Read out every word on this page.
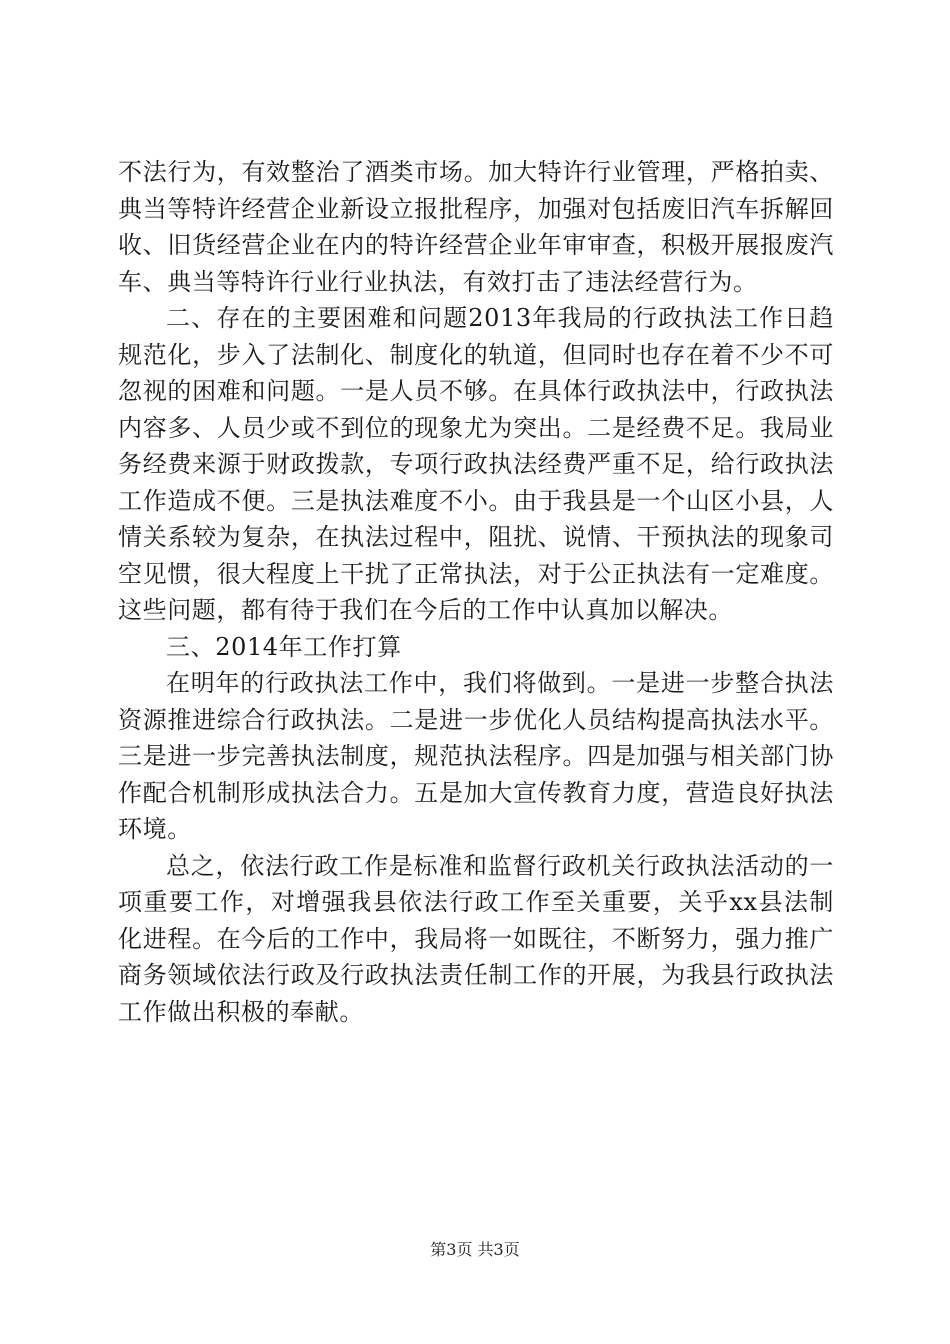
不法行为，有效整治了酒类市场。加大特许行业管理，严格拍卖、典当等特许经营企业新设立报批程序，加强对包括废旧汽车拆解回收、旧货经营企业在内的特许经营企业年审审查，积极开展报废汽车、典当等特许行业行业执法，有效打击了违法经营行为。

二、存在的主要困难和问题2013年我局的行政执法工作日趋规范化，步入了法制化、制度化的轨道，但同时也存在着不少不可忽视的困难和问题。一是人员不够。在具体行政执法中，行政执法内容多、人员少或不到位的现象尤为突出。二是经费不足。我局业务经费来源于财政拨款，专项行政执法经费严重不足，给行政执法工作造成不便。三是执法难度不小。由于我县是一个山区小县，人情关系较为复杂，在执法过程中，阻扰、说情、干预执法的现象司空见惯，很大程度上干扰了正常执法，对于公正执法有一定难度。这些问题，都有待于我们在今后的工作中认真加以解决。

三、2014年工作打算

在明年的行政执法工作中，我们将做到。一是进一步整合执法资源推进综合行政执法。二是进一步优化人员结构提高执法水平。三是进一步完善执法制度，规范执法程序。四是加强与相关部门协作配合机制形成执法合力。五是加大宣传教育力度，营造良好执法环境。

总之，依法行政工作是标准和监督行政机关行政执法活动的一项重要工作，对增强我县依法行政工作至关重要，关乎xx县法制化进程。在今后的工作中，我局将一如既往，不断努力，强力推广商务领域依法行政及行政执法责任制工作的开展，为我县行政执法工作做出积极的奉献。

第3页 共3页
